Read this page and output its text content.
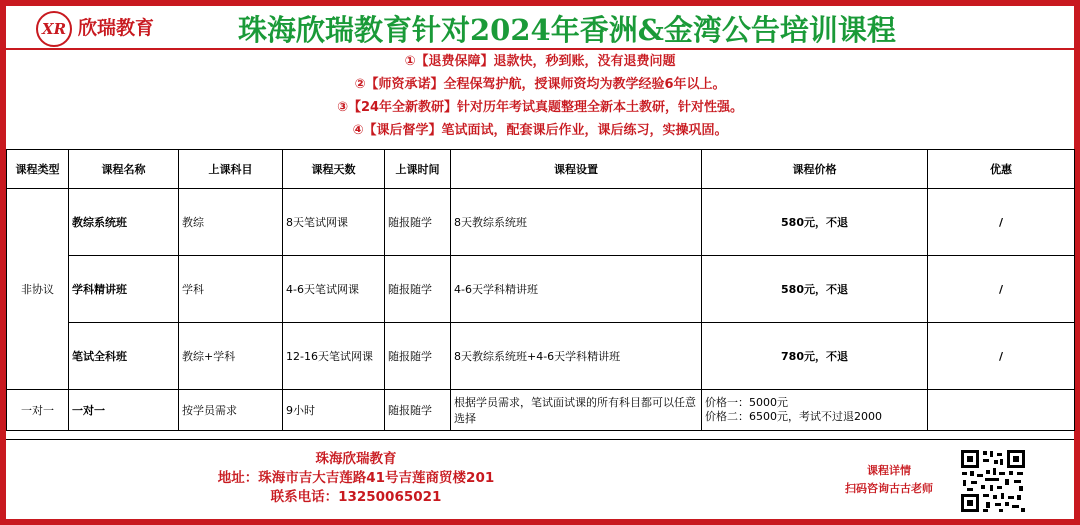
XR 欣瑞教育	珠海欣瑞教育针对2024年香洲&金湾公告培训课程
①【退费保障】退款快，秒到账，没有退费问题
②【师资承诺】全程保驾护航，授课师资均为教学经验6年以上。
③【24年全新教研】针对历年考试真题整理全新本土教研，针对性强。
④【课后督学】笔试面试，配套课后作业，课后练习，实操巩固。
课程类型	课程名称	上课科目	课程天数	上课时间	课程设置	课程价格	优惠
非协议	教综系统班	教综	8天笔试网课	随报随学	8天教综系统班	580元，不退	/
	学科精讲班	学科	4-6天笔试网课	随报随学	4-6天学科精讲班	580元，不退	/
	笔试全科班	教综+学科	12-16天笔试网课	随报随学	8天教综系统班+4-6天学科精讲班	780元，不退	/
一对一	一对一	按学员需求	9小时	随报随学	根据学员需求，笔试面试课的所有科目都可以任意选择	价格一：5000元
价格二：6500元，考试不过退2000	

珠海欣瑞教育
地址：珠海市吉大吉莲路41号吉莲商贸楼201
联系电话：13250065021
课程详情
扫码咨询古古老师
